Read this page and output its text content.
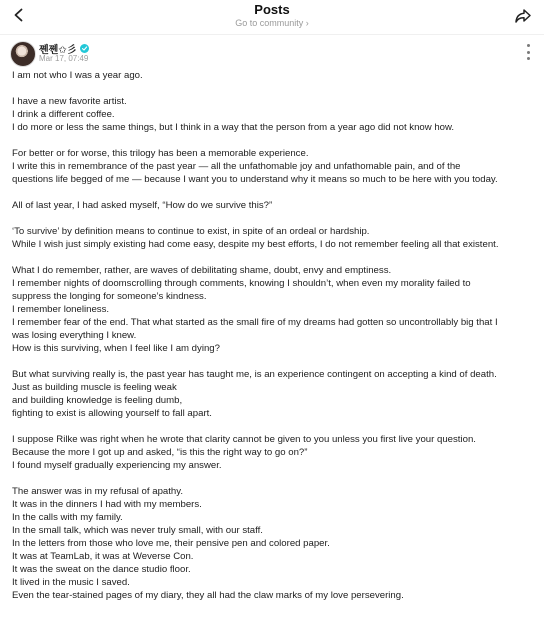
Posts
Go to community ›
쪤쪤✩彡
Mar 17, 07:49
I am not who I was a year ago.
I have a new favorite artist.
I drink a different coffee.
I do more or less the same things, but I think in a way that the person from a year ago did not know how.
For better or for worse, this trilogy has been a memorable experience.
I write this in remembrance of the past year — all the unfathomable joy and unfathomable pain, and of the
questions life begged of me — because I want you to understand why it means so much to be here with you today.
All of last year, I had asked myself, “How do we survive this?”
‘To survive’ by definition means to continue to exist, in spite of an ordeal or hardship.
While I wish just simply existing had come easy, despite my best efforts, I do not remember feeling all that existent.
What I do remember, rather, are waves of debilitating shame, doubt, envy and emptiness.
I remember nights of doomscrolling through comments, knowing I shouldn’t, when even my morality failed to
suppress the longing for someone’s kindness.
I remember loneliness.
I remember fear of the end. That what started as the small fire of my dreams had gotten so uncontrollably big that I
was losing everything I knew.
How is this surviving, when I feel like I am dying?
But what surviving really is, the past year has taught me, is an experience contingent on accepting a kind of death.
Just as building muscle is feeling weak
and building knowledge is feeling dumb,
fighting to exist is allowing yourself to fall apart.
I suppose Rilke was right when he wrote that clarity cannot be given to you unless you first live your question.
Because the more I got up and asked, “is this the right way to go on?”
I found myself gradually experiencing my answer.
The answer was in my refusal of apathy.
It was in the dinners I had with my members.
In the calls with my family.
In the small talk, which was never truly small, with our staff.
In the letters from those who love me, their pensive pen and colored paper.
It was at TeamLab, it was at Weverse Con.
It was the sweat on the dance studio floor.
It lived in the music I saved.
Even the tear-stained pages of my diary, they all had the claw marks of my love persevering.
